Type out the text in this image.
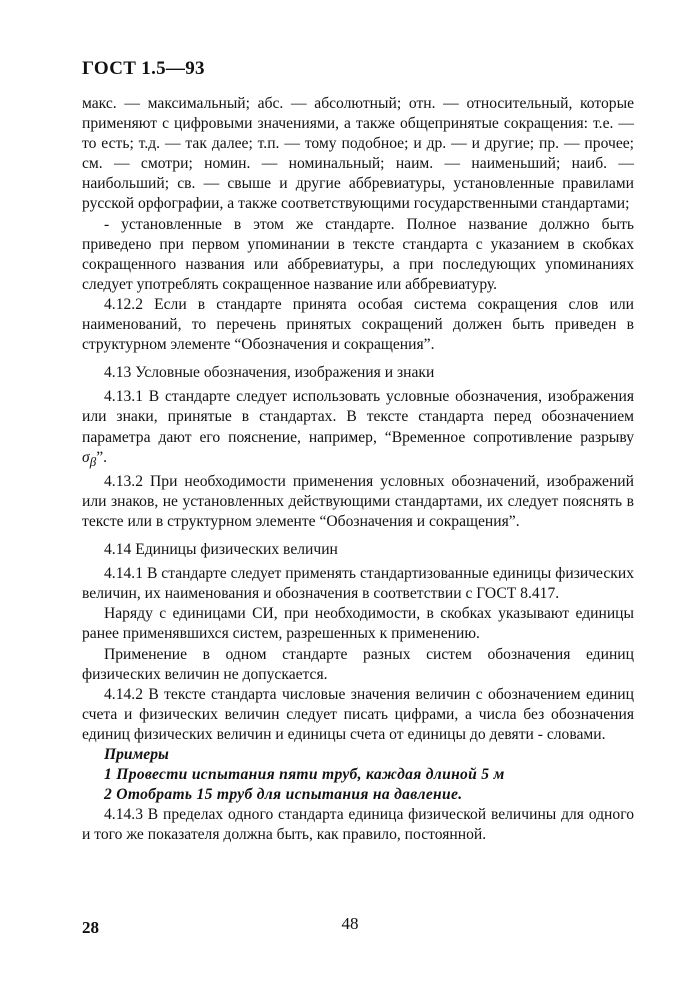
ГОСТ 1.5—93

макс. — максимальный; абс. — абсолютный; отн. — относительный, которые применяют с цифровыми значениями, а также общепринятые сокращения: т.е. — то есть; т.д. — так далее; т.п. — тому подобное; и др. — и другие; пр. — прочее; см. — смотри; номин. — номинальный; наим. — наименьший; наиб. — наибольший; св. — свыше и другие аббревиатуры, установленные правилами русской орфографии, а также соответствующими государственными стандартами;

- установленные в этом же стандарте. Полное название должно быть приведено при первом упоминании в тексте стандарта с указанием в скобках сокращенного названия или аббревиатуры, а при последующих упоминаниях следует употреблять сокращенное название или аббревиатуру.

4.12.2 Если в стандарте принята особая система сокращения слов или наименований, то перечень принятых сокращений должен быть приведен в структурном элементе “Обозначения и сокращения”.

4.13 Условные обозначения, изображения и знаки

4.13.1 В стандарте следует использовать условные обозначения, изображения или знаки, принятые в стандартах. В тексте стандарта перед обозначением параметра дают его пояснение, например, “Временное сопротивление разрыву $\sigma_\beta$”.

4.13.2 При необходимости применения условных обозначений, изображений или знаков, не установленных действующими стандартами, их следует пояснять в тексте или в структурном элементе “Обозначения и сокращения”.

4.14 Единицы физических величин

4.14.1 В стандарте следует применять стандартизованные единицы физических величин, их наименования и обозначения в соответствии с ГОСТ 8.417.

Наряду с единицами СИ, при необходимости, в скобках указывают единицы ранее применявшихся систем, разрешенных к применению.

Применение в одном стандарте разных систем обозначения единиц физических величин не допускается.

4.14.2 В тексте стандарта числовые значения величин с обозначением единиц счета и физических величин следует писать цифрами, а числа без обозначения единиц физических величин и единицы счета от единицы до девяти - словами.

Примеры

1 Провести испытания пяти труб, каждая длиной 5 м

2 Отобрать 15 труб для испытания на давление.

4.14.3 В пределах одного стандарта единица физической величины для одного и того же показателя должна быть, как правило, постоянной.

28	48
